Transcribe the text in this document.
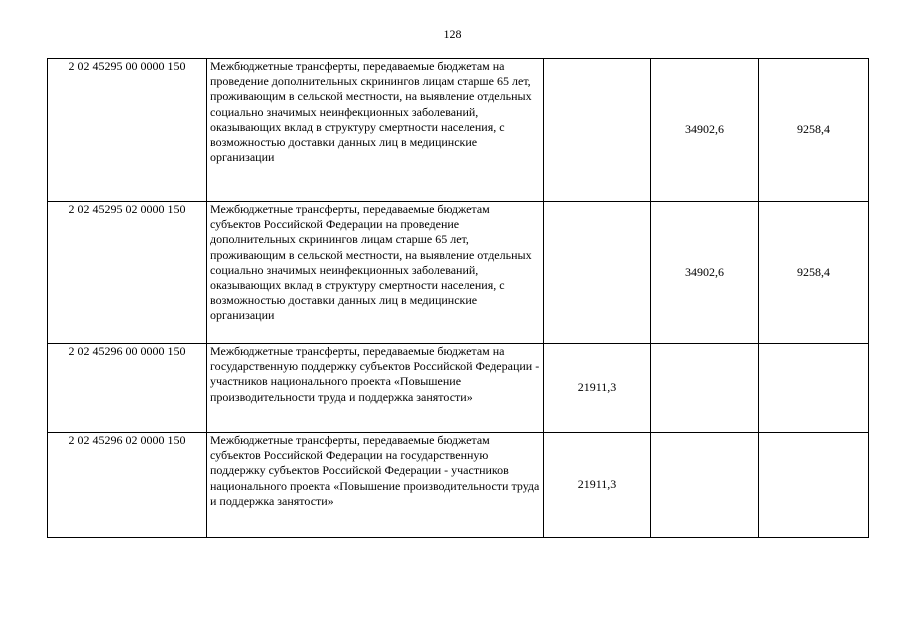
128
2 02 45295 00 0000 150	Межбюджетные трансферты, передаваемые бюджетам на проведение дополнительных скринингов лицам старше 65 лет, проживающим в сельской местности, на выявление отдельных социально значимых неинфекционных заболеваний, оказывающих вклад в структуру смертности населения, с возможностью доставки данных лиц в медицинские организации		34902,6	9258,4
2 02 45295 02 0000 150	Межбюджетные трансферты, передаваемые бюджетам субъектов Российской Федерации на проведение дополнительных скринингов лицам старше 65 лет, проживающим в сельской местности, на выявление отдельных социально значимых неинфекционных заболеваний, оказывающих вклад в структуру смертности населения, с возможностью доставки данных лиц в медицинские организации		34902,6	9258,4
2 02 45296 00 0000 150	Межбюджетные трансферты, передаваемые бюджетам на государственную поддержку субъектов Российской Федерации - участников национального проекта «Повышение производительности труда и поддержка занятости»	21911,3		
2 02 45296 02 0000 150	Межбюджетные трансферты, передаваемые бюджетам субъектов Российской Федерации на государственную поддержку субъектов Российской Федерации - участников национального проекта «Повышение производительности труда и поддержка занятости»	21911,3		
